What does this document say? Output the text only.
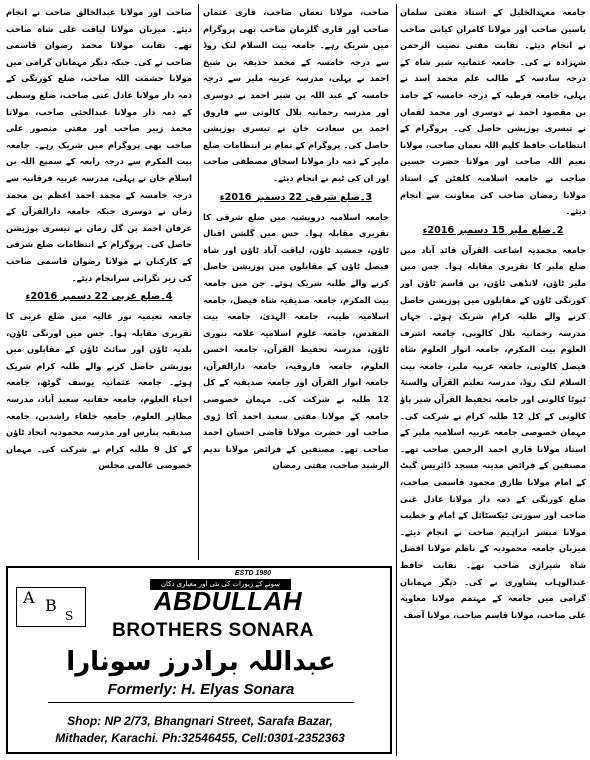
جامعہ معہدالخلیل کے استاذ مفتی سلمان یاسین صاحب اور مولانا کامران کیانی صاحب نے انجام دیئے۔ نقابت مفتی نصیب الرحمن شہزادہ نے کی۔ جامعہ عثمانیہ شیر شاہ کے درجہ سادسہ کے طالب علم محمد اسد نے پہلی، جامعہ قرطبہ کے درجہ خامسہ کے حامد بن مقصود احمد نے دوسری اور محمد لقمان نے تیسری پوزیشن حاصل کی۔ پروگرام کے انتظامات حافظ کلیم اللہ نعمان صاحب، مولانا نعیم اللہ صاحب اور مولانا حضرت حسین صاحب نے جامعہ اسلامیہ کلفٹن کے استاذ مولانا رمضان صاحب کی معاونت سے انجام دیئے۔

2۔ضلع ملیر 15 دسمبر 2016ء

جامعہ محمدیہ اشاعت القرآن قائد آباد میں ضلع ملیر کا تقریری مقابلہ ہوا۔ جس میں ملیر ٹاؤن، لانڈھی ٹاؤن، بن قاسم ٹاؤن اور کورنگی ٹاؤن کے مقابلوں میں پوزیشن حاصل کرنے والے طلبہ کرام شریک ہوئے۔ جہاں مدرسہ رحمانیہ بلال کالونی، جامعہ اشرف العلوم بیت المکرم، جامعہ انوار العلوم شاہ فیصل کالونی، جامعہ عربیہ ملیر، جامعہ بیت السلام لنک روڈ، مدرسہ تعلیم القرآن والسنۃ ٹیوٹا کالونی اور جامعہ تحفیظ القرآن شیر پاؤ کالونی کے کل 12 طلبہ کرام نے شرکت کی۔ مہمان خصوصی جامعہ عربیہ اسلامیہ ملیر کے استاذ مولانا قاری احمد الرحمن صاحب تھے۔ مصنفین کے فرائض مدینہ مسجد ڈائریس گیٹ کے امام مولانا طارق محمود قاسمی صاحب، ضلع کورنگی کے ذمہ دار مولانا عادل غنی صاحب اور سورتی ٹیکسٹائل کے امام و خطیب مولانا مبشر ابراہیم صاحب نے انجام دیئے۔ میزبان جامعہ محمودیہ کے ناظم مولانا افضل شاہ شیرازی صاحب تھے۔ نقابت حافظ عبدالوہاب پشاوری نے کی۔ دیگر مہمانان گرامی میں جامعہ کے مہتمم مولانا معاویہ علی صاحب، مولانا قاسم صاحب، مولانا آصف

صاحب، مولانا نعمان صاحب، قاری عثمان صاحب اور قاری گلزمان صاحب بھی پروگرام میں شریک رہے۔ جامعہ بیت السلام لنک روڈ سے درجہ خامسہ کے محمد حذیفہ بن شیخ احمد نے پہلی، مدرسہ عربیہ ملیر سے درجہ خامسہ کے عبد اللہ بن شیر احمد نے دوسری اور مدرسہ رحمانیہ بلال کالونی سے فاروق احمد بن سعادت خان نے تیسری پوزیشن حاصل کی۔ پروگرام کے تمام تر انتظامات ضلع ملیر کے ذمہ دار مولانا اسحاق مصطفی صاحب اور ان کی ٹیم نے انجام دیئے۔

3۔ضلع شرقی 22 دسمبر 2016ء

جامعہ اسلامیہ درویشیہ میں ضلع شرقی کا تقریری مقابلہ ہوا۔ جس میں گلشن اقبال ٹاؤن، جمشید ٹاؤن، لیاقت آباد ٹاؤن اور شاہ فیصل ٹاؤن کے مقابلوں میں پوزیشن حاصل کرنے والے طلبہ شریک ہوئے۔ جن میں جامعہ بیت المکرم، جامعہ صدیقیہ شاہ فیصل، جامعہ اسلامیہ طیبہ، جامعہ الہدیٰ، جامعہ بیت المقدس، جامعہ علوم اسلامیہ علامہ بنوری ٹاؤن، مدرسہ تحفیظ القرآن، جامعہ احسن العلوم، جامعہ فاروقیہ، جامعہ دارالقرآن، جامعہ انوار القرآن اور جامعہ صدیقیہ کے کل 12 طلبہ نے شرکت کی۔ مہمان خصوصی جامعہ کے مولانا مفتی سعید احمد آکا ڑوی صاحب اور حضرت مولانا قاضی احسان احمد صاحب تھے۔ مصنفین کے فرائض مولانا ندیم الرشید صاحب، مفتی رمضان

صاحب اور مولانا عبدالخالق صاحب نے انجام دیئے۔ میزبان مولانا لیاقت علی شاہ صاحب تھے۔ نقابت مولانا محمد رضوان قاسمی صاحب نے کی۔ جبکہ دیگر مہمانان گرامی میں مولانا حشمت اللہ صاحب، ضلع کورنگی کے ذمہ دار مولانا عادل غنی صاحب، ضلع وسطی کے ذمہ دار مولانا عبدالحئی صاحب، مولانا محمد زبیر صاحب اور مفتی منصور علی صاحب بھی پروگرام میں شریک رہے۔ جامعہ بیت المکرم سے درجہ رابعہ کے سمیع اللہ بن اسلام خان نے پہلی، مدرسہ عربیہ فرقانیہ سے درجہ خامسہ کے محمد احمد اعظم بن محمد زمان نے دوسری جبکہ جامعہ دارالقرآن کے عرفان احمد بن گل زمان نے تیسری پوزیشن حاصل کی۔ پروگرام کے انتظامات ضلع شرقی کے کارکنان نے مولانا رضوان قاسمی صاحب کی زیر نگرانی سرانجام دیئے۔

4۔ضلع غربی 22 دسمبر 2016ء

جامعہ نعیمیہ نور عالیہ میں ضلع غربی کا تقریری مقابلہ ہوا۔ جس میں اورنگی ٹاؤن، بلدیہ ٹاؤن اور سائٹ ٹاؤن کے مقابلوں میں پوزیشن حاصل کرنے والے طلبہ کرام شریک ہوئے۔ جامعہ عثمانیہ یوسف گوٹھ، جامعہ احیاء العلوم، جامعہ حقانیہ سعید آباد، مدرسہ مظاہر العلوم، جامعہ خلفاء راشدین، جامعہ صدیقیہ بنارس اور مدرسہ محمودیہ اتحاد ٹاؤن کے کل 9 طلبہ کرام نے شرکت کی۔ مہمان خصوصی عالمی مجلس

ESTD 1980
سونے کے زیورات کی نئی اور معیاری دکان
A B
S	ABDULLAH
BROTHERS SONARA
عبداللہ برادرز سونارا
Formerly: H. Elyas Sonara
Shop: NP 2/73, Bhangnari Street, Sarafa Bazar,
Mithader, Karachi. Ph:32546455, Cell:0301-2352363
